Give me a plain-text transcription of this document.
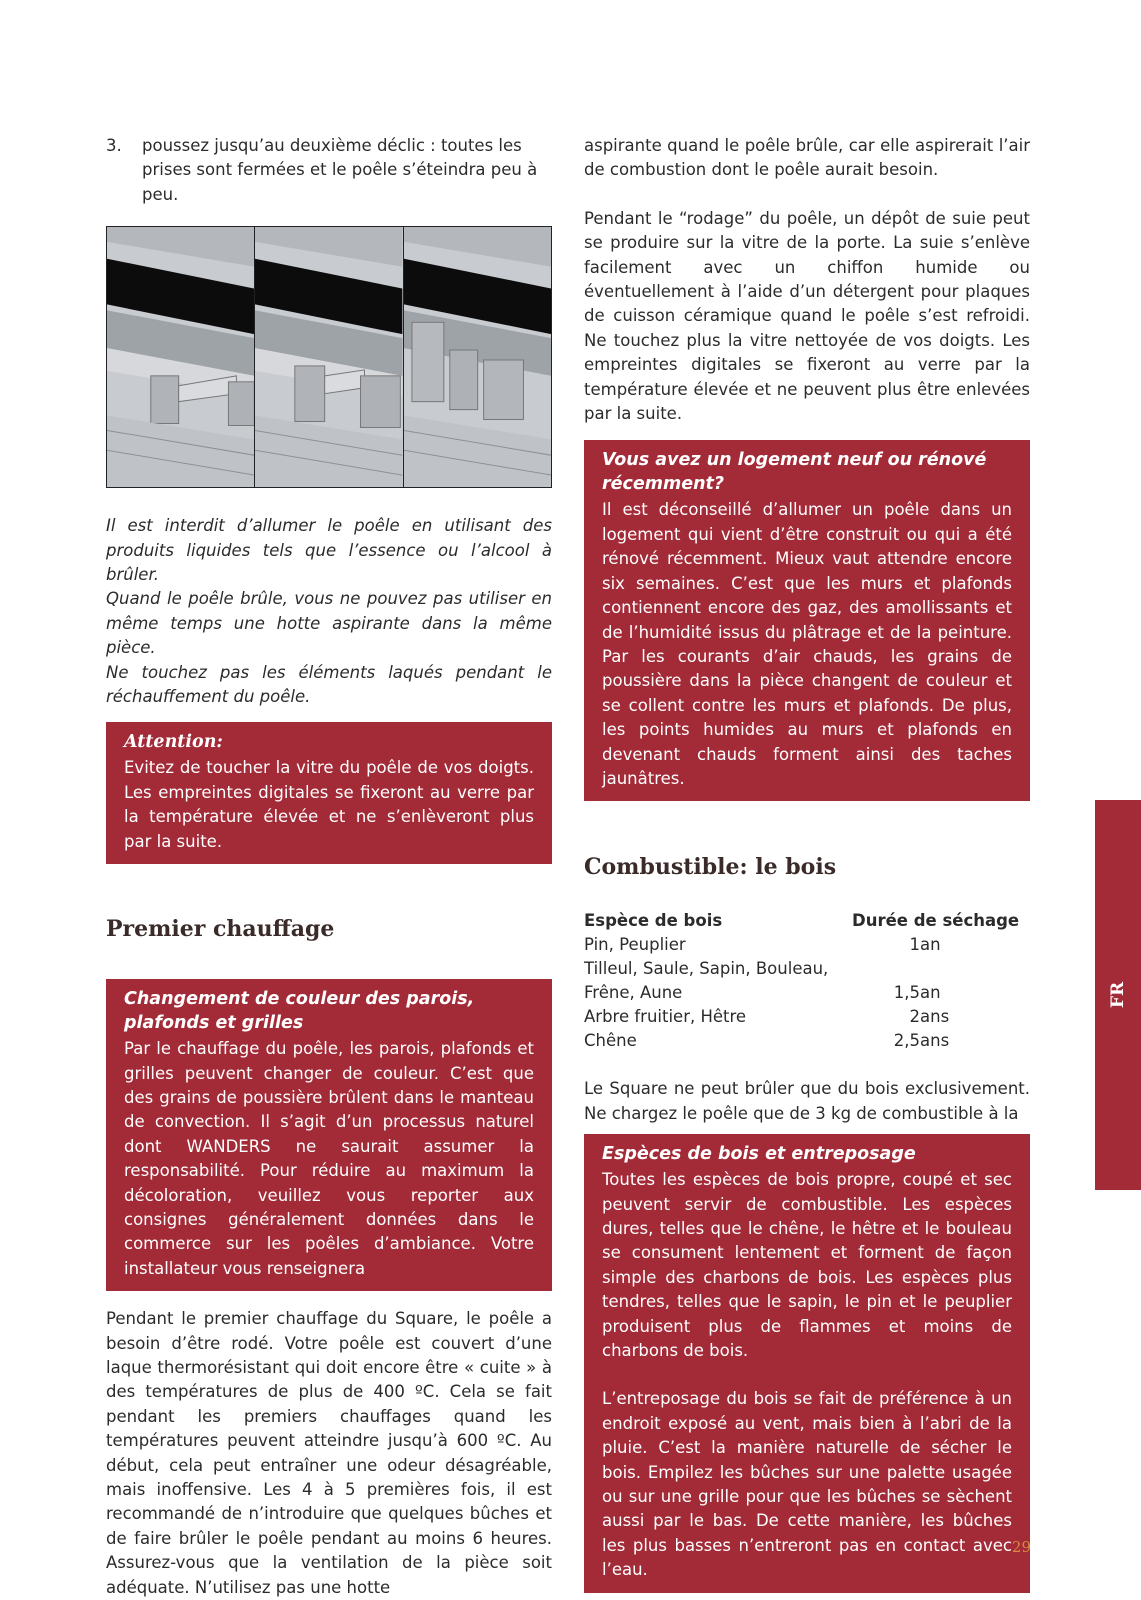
3.	poussez jusqu’au deuxième déclic : toutes les prises sont fermées et le poêle s’éteindra peu à peu.

Il est interdit d’allumer le poêle en utilisant des produits liquides tels que l’essence ou l’alcool à brûler.

Quand le poêle brûle, vous ne pouvez pas utiliser en même temps une hotte aspirante dans la même pièce.

Ne touchez pas les éléments laqués pendant le réchauffement du poêle.

Attention:

Evitez de toucher la vitre du poêle de vos doigts. Les empreintes digitales se fixeront au verre par la température élevée et ne s’enlèveront plus par la suite.

Premier chauffage
Changement de couleur des parois, plafonds et grilles

Par le chauffage du poêle, les parois, plafonds et grilles peuvent changer de couleur. C’est que des grains de poussière brûlent dans le manteau de convection. Il s’agit d’un processus naturel dont WANDERS ne saurait assumer la responsabilité. Pour réduire au maximum la décoloration, veuillez vous reporter aux consignes généralement données dans le commerce sur les poêles d’ambiance. Votre installateur vous renseignera

Pendant le premier chauffage du Square, le poêle a besoin d’être rodé. Votre poêle est couvert d’une laque thermorésistant qui doit encore être « cuite » à des températures de plus de 400 ºC. Cela se fait pendant les premiers chauffages quand les températures peuvent atteindre jusqu’à 600 ºC. Au début, cela peut entraîner une odeur désagréable, mais inoffensive. Les 4 à 5 premières fois, il est recommandé de n’introduire que quelques bûches et de faire brûler le poêle pendant au moins 6 heures. Assurez-vous que la ventilation de la pièce soit adéquate. N’utilisez pas une hotte

aspirante quand le poêle brûle, car elle aspirerait l’air de combustion dont le poêle aurait besoin.

Pendant le “rodage” du poêle, un dépôt de suie peut se produire sur la vitre de la porte. La suie s’enlève facilement avec un chiffon humide ou éventuellement à l’aide d’un détergent pour plaques de cuisson céramique quand le poêle s’est refroidi. Ne touchez plus la vitre nettoyée de vos doigts. Les empreintes digitales se fixeront au verre par la température élevée et ne peuvent plus être enlevées par la suite.

Vous avez un logement neuf ou rénové récemment?

Il est déconseillé d’allumer un poêle dans un logement qui vient d’être construit ou qui a été rénové récemment. Mieux vaut attendre encore six semaines. C’est que les murs et plafonds contiennent encore des gaz, des amollissants et de l’humidité issus du plâtrage et de la peinture. Par les courants d’air chauds, les grains de poussière dans la pièce changent de couleur et se collent contre les murs et plafonds. De plus, les points humides au murs et plafonds en devenant chauds forment ainsi des taches jaunâtres.

Combustible: le bois
Espèce de bois	Durée de séchage	
Pin, Peuplier	1	an
Tilleul, Saule, Sapin, Bouleau,		
Frêne, Aune	1,5	an
Arbre fruitier, Hêtre	2	ans
Chêne	2,5	ans

Le Square ne peut brûler que du bois exclusivement. Ne chargez le poêle que de 3 kg de combustible à la

Espèces de bois et entreposage

Toutes les espèces de bois propre, coupé et sec peuvent servir de combustible. Les espèces dures, telles que le chêne, le hêtre et le bouleau se consument lentement et forment de façon simple des charbons de bois. Les espèces plus tendres, telles que le sapin, le pin et le peuplier produisent plus de flammes et moins de charbons de bois.

L’entreposage du bois se fait de préférence à un endroit exposé au vent, mais bien à l’abri de la pluie. C’est la manière naturelle de sécher le bois. Empilez les bûches sur une palette usagée ou sur une grille pour que les bûches se sèchent aussi par le bas. De cette manière, les bûches les plus basses n’entreront pas en contact avec l’eau.

FR
29
